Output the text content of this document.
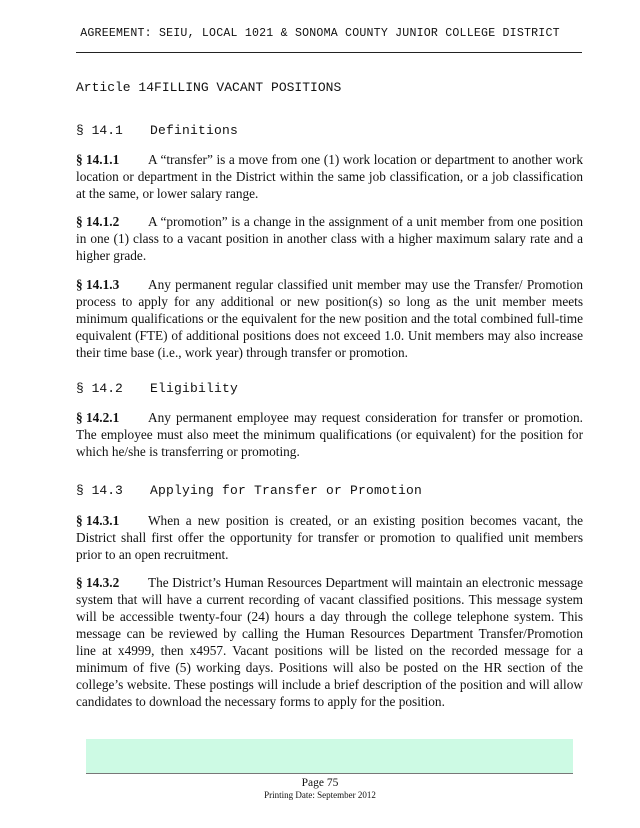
AGREEMENT: SEIU, LOCAL 1021 & SONOMA COUNTY JUNIOR COLLEGE DISTRICT
Article 14FILLING VACANT POSITIONS
§ 14.1 Definitions

§ 14.1.1 A “transfer” is a move from one (1) work location or department to another work location or department in the District within the same job classification, or a job classification at the same, or lower salary range.

§ 14.1.2 A “promotion” is a change in the assignment of a unit member from one position in one (1) class to a vacant position in another class with a higher maximum salary rate and a higher grade.

§ 14.1.3 Any permanent regular classified unit member may use the Transfer/ Promotion process to apply for any additional or new position(s) so long as the unit member meets minimum qualifications or the equivalent for the new position and the total combined full-time equivalent (FTE) of additional positions does not exceed 1.0. Unit members may also increase their time base (i.e., work year) through transfer or promotion.

§ 14.2 Eligibility

§ 14.2.1 Any permanent employee may request consideration for transfer or promotion. The employee must also meet the minimum qualifications (or equivalent) for the position for which he/she is transferring or promoting.

§ 14.3 Applying for Transfer or Promotion

§ 14.3.1 When a new position is created, or an existing position becomes vacant, the District shall first offer the opportunity for transfer or promotion to qualified unit members prior to an open recruitment.

§ 14.3.2 The District’s Human Resources Department will maintain an electronic message system that will have a current recording of vacant classified positions. This message system will be accessible twenty-four (24) hours a day through the college telephone system. This message can be reviewed by calling the Human Resources Department Transfer/Promotion line at x4999, then x4957. Vacant positions will be listed on the recorded message for a minimum of five (5) working days. Positions will also be posted on the HR section of the college’s website. These postings will include a brief description of the position and will allow candidates to download the necessary forms to apply for the position.

Page 75
Printing Date: September 2012
